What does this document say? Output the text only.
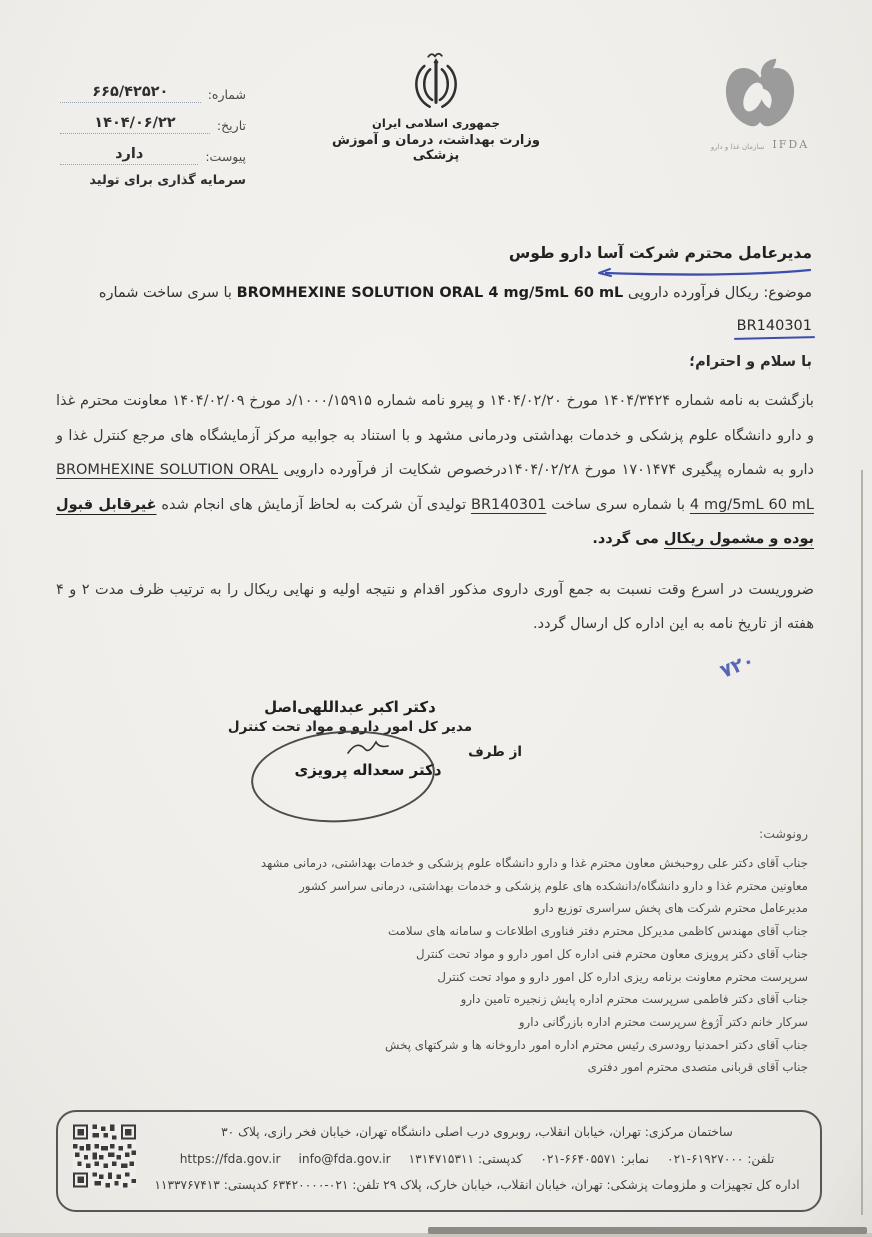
شماره:
۶۶۵/۴۲۵۲۰
تاریخ:
۱۴۰۴/۰۶/۲۲
پیوست:
دارد
سرمایه گذاری برای تولید
جمهوری اسلامی ایران
وزارت بهداشت، درمان و آموزش پزشکی
سازمان غذا و دارو IFDA
مدیرعامل محترم شرکت آسا دارو طوس
موضوع: ریکال فرآورده دارویی BROMHEXINE SOLUTION ORAL 4 mg/5mL 60 mL با سری ساخت شماره
BR140301
با سلام و احترام؛
بازگشت به نامه شماره ۱۴۰۴/۳۴۲۴ مورخ ۱۴۰۴/۰۲/۲۰ و پیرو نامه شماره ۱۰۰۰/۱۵۹۱۵/د مورخ ۱۴۰۴/۰۲/۰۹ معاونت محترم غذا و دارو دانشگاه علوم پزشکی و خدمات بهداشتی ودرمانی مشهد و با استناد به جوابیه مرکز آزمایشگاه های مرجع کنترل غذا و دارو به شماره پیگیری ۱۷۰۱۴۷۴ مورخ ۱۴۰۴/۰۲/۲۸درخصوص شکایت از فرآورده دارویی BROMHEXINE SOLUTION ORAL 4 mg/5mL 60 mL با شماره سری ساخت BR140301 تولیدی آن شرکت به لحاظ آزمایش های انجام شده غیرقابل قبول بوده و مشمول ریکال می گردد.
ضروریست در اسرع وقت نسبت به جمع آوری داروی مذکور اقدام و نتیجه اولیه و نهایی ریکال را به ترتیب ظرف مدت ۲ و ۴ هفته از تاریخ نامه به این اداره کل ارسال گردد.
۷۲۰
دکتر اکبر عبداللهی‌اصل
مدیر کل امور دارو و مواد تحت کنترل
از طرف
دکتر سعداله پرویزی
رونوشت:
جناب آقای دکتر علی روحبخش معاون محترم غذا و دارو دانشگاه علوم پزشکی و خدمات بهداشتی، درمانی مشهد
معاونین محترم غذا و دارو دانشگاه/دانشکده های علوم پزشکی و خدمات بهداشتی، درمانی سراسر کشور
مدیرعامل محترم شرکت های پخش سراسری توزیع دارو
جناب آقای مهندس کاظمی مدیرکل محترم دفتر فناوری اطلاعات و سامانه های سلامت
جناب آقای دکتر پرویزی معاون محترم فنی اداره کل امور دارو و مواد تحت کنترل
سرپرست محترم معاونت برنامه ریزی اداره کل امور دارو و مواد تحت کنترل
جناب آقای دکتر فاطمی سرپرست محترم اداره پایش زنجیره تامین دارو
سرکار خانم دکتر آژوغ سرپرست محترم اداره بازرگانی دارو
جناب آقای دکتر احمدنیا رودسری رئیس محترم اداره امور داروخانه ها و شرکتهای پخش
جناب آقای قربانی متصدی محترم امور دفتری
ساختمان مرکزی: تهران، خیابان انقلاب، روبروی درب اصلی دانشگاه تهران، خیابان فخر رازی، پلاک ۳۰
تلفن: ۰۲۱-۶۱۹۲۷۰۰۰
نمابر: ۰۲۱-۶۶۴۰۵۵۷۱
کدپستی: ۱۳۱۴۷۱۵۳۱۱
info@fda.gov.ir
https://fda.gov.ir
اداره کل تجهیزات و ملزومات پزشکی: تهران، خیابان انقلاب، خیابان خارک، پلاک ۲۹ تلفن: ۰۲۱-۶۳۴۲۰۰۰۰ کدپستی: ۱۱۳۳۷۶۷۴۱۳
